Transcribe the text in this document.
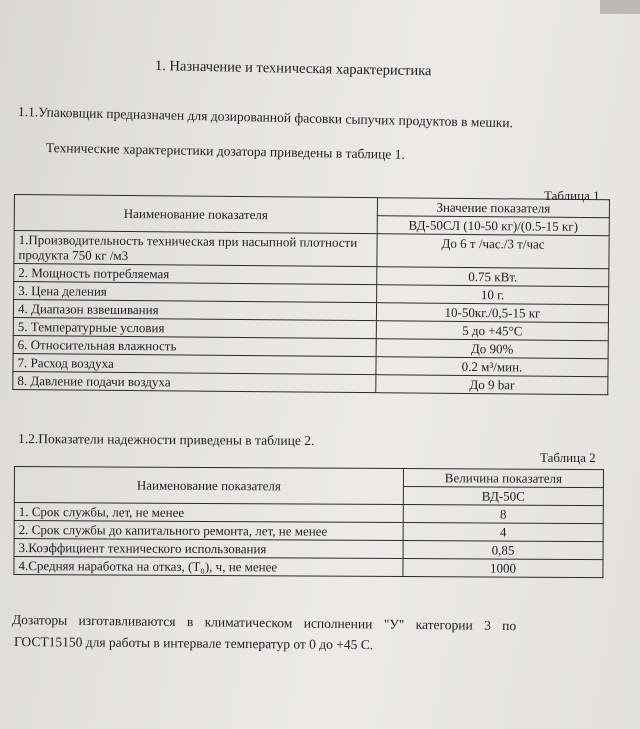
1. Назначение и техническая характеристика
1.1.Упаковщик предназначен для дозированной фасовки сыпучих продуктов в мешки.
Технические характеристики дозатора приведены в таблице 1.
Таблица 1
Наименование показателя	Значение показателя
	ВД-50СЛ (10-50 кг)/(0.5-15 кг)
1.Производительность техническая при насыпной плотности продукта 750 кг /м3	До 6 т /час./3 т/час
2. Мощность потребляемая	0.75 кВт.
3. Цена деления	10 г.
4. Диапазон взвешивания	10-50кг./0,5-15 кг
5. Температурные условия	5 до +45°С
6. Относительная влажность	До 90%
7. Расход воздуха	0.2 м³/мин.
8. Давление подачи воздуха	До 9 bar
1.2.Показатели надежности приведены в таблице 2.
Таблица 2
Наименование показателя	Величина показателя
	ВД-50С
1. Срок службы, лет, не менее	8
2. Срок службы до капитального ремонта, лет, не менее	4
3.Коэффициент технического использования	0,85
4.Средняя наработка на отказ, (T₀), ч, не менее	1000
Дозаторы изготавливаются в климатическом исполнении "У" категории 3 по
ГОСТ15150 для работы в интервале температур от 0 до +45 С.
